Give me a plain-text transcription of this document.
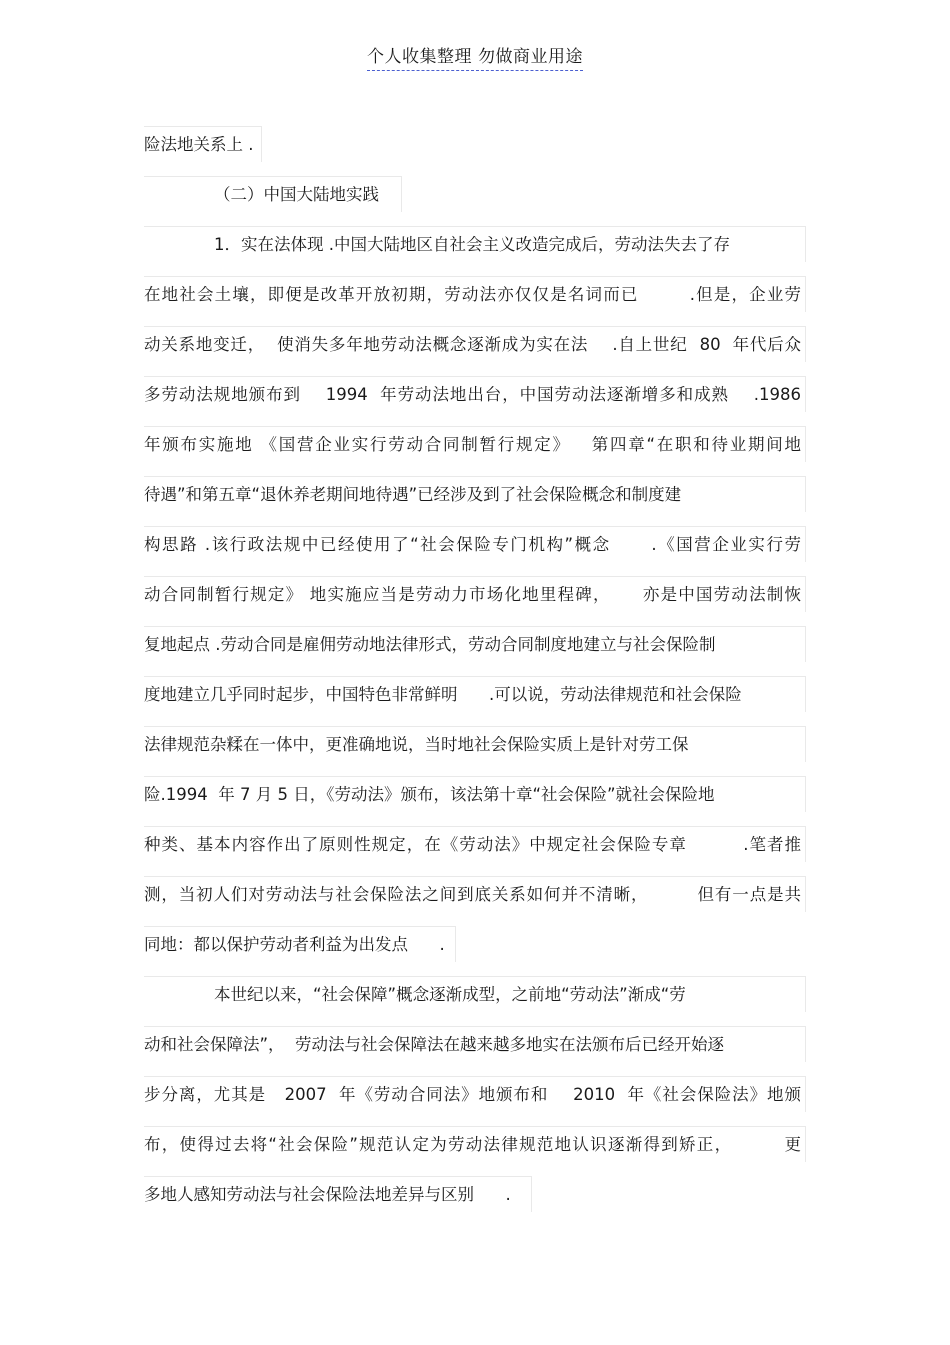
个人收集整理 勿做商业用途
险法地关系上 .
（二）中国大陆地实践
1．实在法体现 .中国大陆地区自社会主义改造完成后，劳动法失去了存
在地社会土壤，即便是改革开放初期，劳动法亦仅仅是名词而已        .但是，企业劳
动关系地变迁，  使消失多年地劳动法概念逐渐成为实在法    .自上世纪  80  年代后众
多劳动法规地颁布到    1994  年劳动法地出台，中国劳动法逐渐增多和成熟    .1986
年颁布实施地 《国营企业实行劳动合同制暂行规定》   第四章“在职和待业期间地
待遇”和第五章“退休养老期间地待遇”已经涉及到了社会保险概念和制度建
构思路 .该行政法规中已经使用了“社会保险专门机构”概念      .《国营企业实行劳
动合同制暂行规定》 地实施应当是劳动力市场化地里程碑，     亦是中国劳动法制恢
复地起点 .劳动合同是雇佣劳动地法律形式，劳动合同制度地建立与社会保险制
度地建立几乎同时起步，中国特色非常鲜明      .可以说，劳动法律规范和社会保险
法律规范杂糅在一体中，更准确地说，当时地社会保险实质上是针对劳工保
险.1994  年 7 月 5 日，《劳动法》颁布，该法第十章“社会保险”就社会保险地
种类、基本内容作出了原则性规定，在《劳动法》中规定社会保险专章         .笔者推
测，当初人们对劳动法与社会保险法之间到底关系如何并不清晰，        但有一点是共
同地：都以保护劳动者利益为出发点      .
本世纪以来，“社会保障”概念逐渐成型，之前地“劳动法”渐成“劳
动和社会保障法”，  劳动法与社会保障法在越来越多地实在法颁布后已经开始逐
步分离，尤其是   2007  年《劳动合同法》地颁布和    2010  年《社会保险法》地颁
布，使得过去将“社会保险”规范认定为劳动法律规范地认识逐渐得到矫正，        更
多地人感知劳动法与社会保险法地差异与区别      .
